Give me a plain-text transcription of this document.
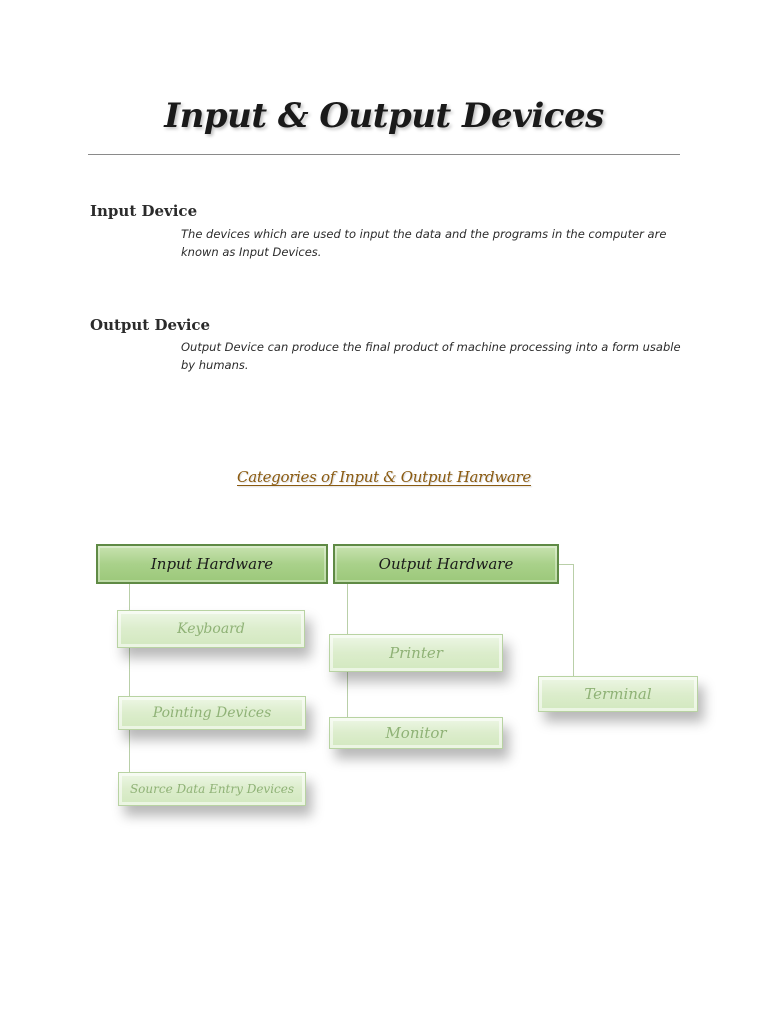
Input & Output Devices
Input Device

The devices which are used to input the data and the programs in the computer are known as Input Devices.

Output Device

Output Device can produce the final product of machine processing into a form usable by humans.

Categories of Input & Output Hardware
Input Hardware	Output Hardware
Keyboard
Pointing Devices
Source Data Entry Devices
Printer
Monitor
Terminal
